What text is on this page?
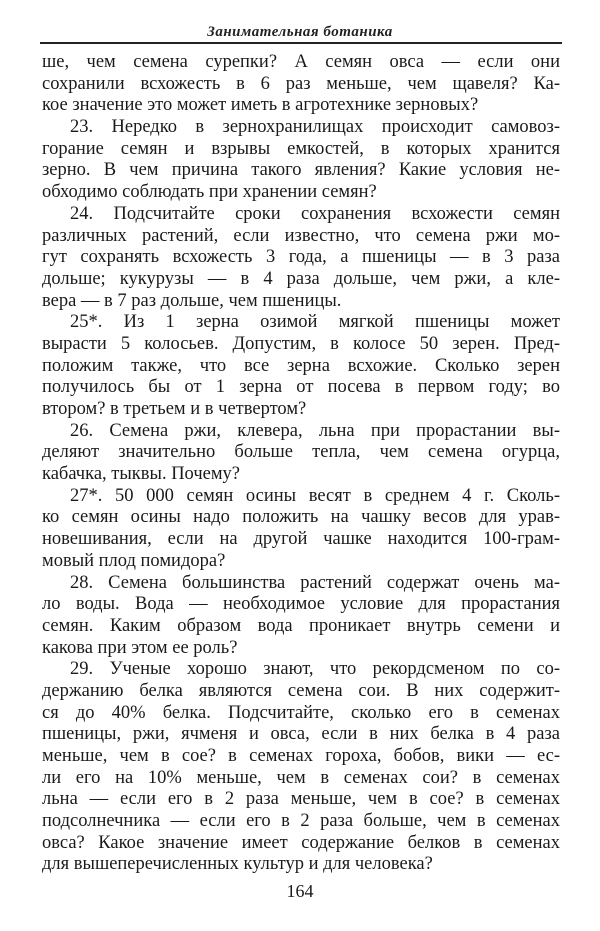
Занимательная ботаника
ше, чем семена сурепки? А семян овса — если они
сохранили всхожесть в 6 раз меньше, чем щавеля? Ка-
кое значение это может иметь в агротехнике зерновых?
23. Нередко в зернохранилищах происходит самовоз-
горание семян и взрывы емкостей, в которых хранится
зерно. В чем причина такого явления? Какие условия не-
обходимо соблюдать при хранении семян?
24. Подсчитайте сроки сохранения всхожести семян
различных растений, если известно, что семена ржи мо-
гут сохранять всхожесть 3 года, а пшеницы — в 3 раза
дольше; кукурузы — в 4 раза дольше, чем ржи, а кле-
вера — в 7 раз дольше, чем пшеницы.
25*. Из 1 зерна озимой мягкой пшеницы может
вырасти 5 колосьев. Допустим, в колосе 50 зерен. Пред-
положим также, что все зерна всхожие. Сколько зерен
получилось бы от 1 зерна от посева в первом году; во
втором? в третьем и в четвертом?
26. Семена ржи, клевера, льна при прорастании вы-
деляют значительно больше тепла, чем семена огурца,
кабачка, тыквы. Почему?
27*. 50 000 семян осины весят в среднем 4 г. Сколь-
ко семян осины надо положить на чашку весов для урав-
новешивания, если на другой чашке находится 100-грам-
мовый плод помидора?
28. Семена большинства растений содержат очень ма-
ло воды. Вода — необходимое условие для прорастания
семян. Каким образом вода проникает внутрь семени и
какова при этом ее роль?
29. Ученые хорошо знают, что рекордсменом по со-
держанию белка являются семена сои. В них содержит-
ся до 40% белка. Подсчитайте, сколько его в семенах
пшеницы, ржи, ячменя и овса, если в них белка в 4 раза
меньше, чем в сое? в семенах гороха, бобов, вики — ес-
ли его на 10% меньше, чем в семенах сои? в семенах
льна — если его в 2 раза меньше, чем в сое? в семенах
подсолнечника — если его в 2 раза больше, чем в семенах
овса? Какое значение имеет содержание белков в семенах
для вышеперечисленных культур и для человека?
164
